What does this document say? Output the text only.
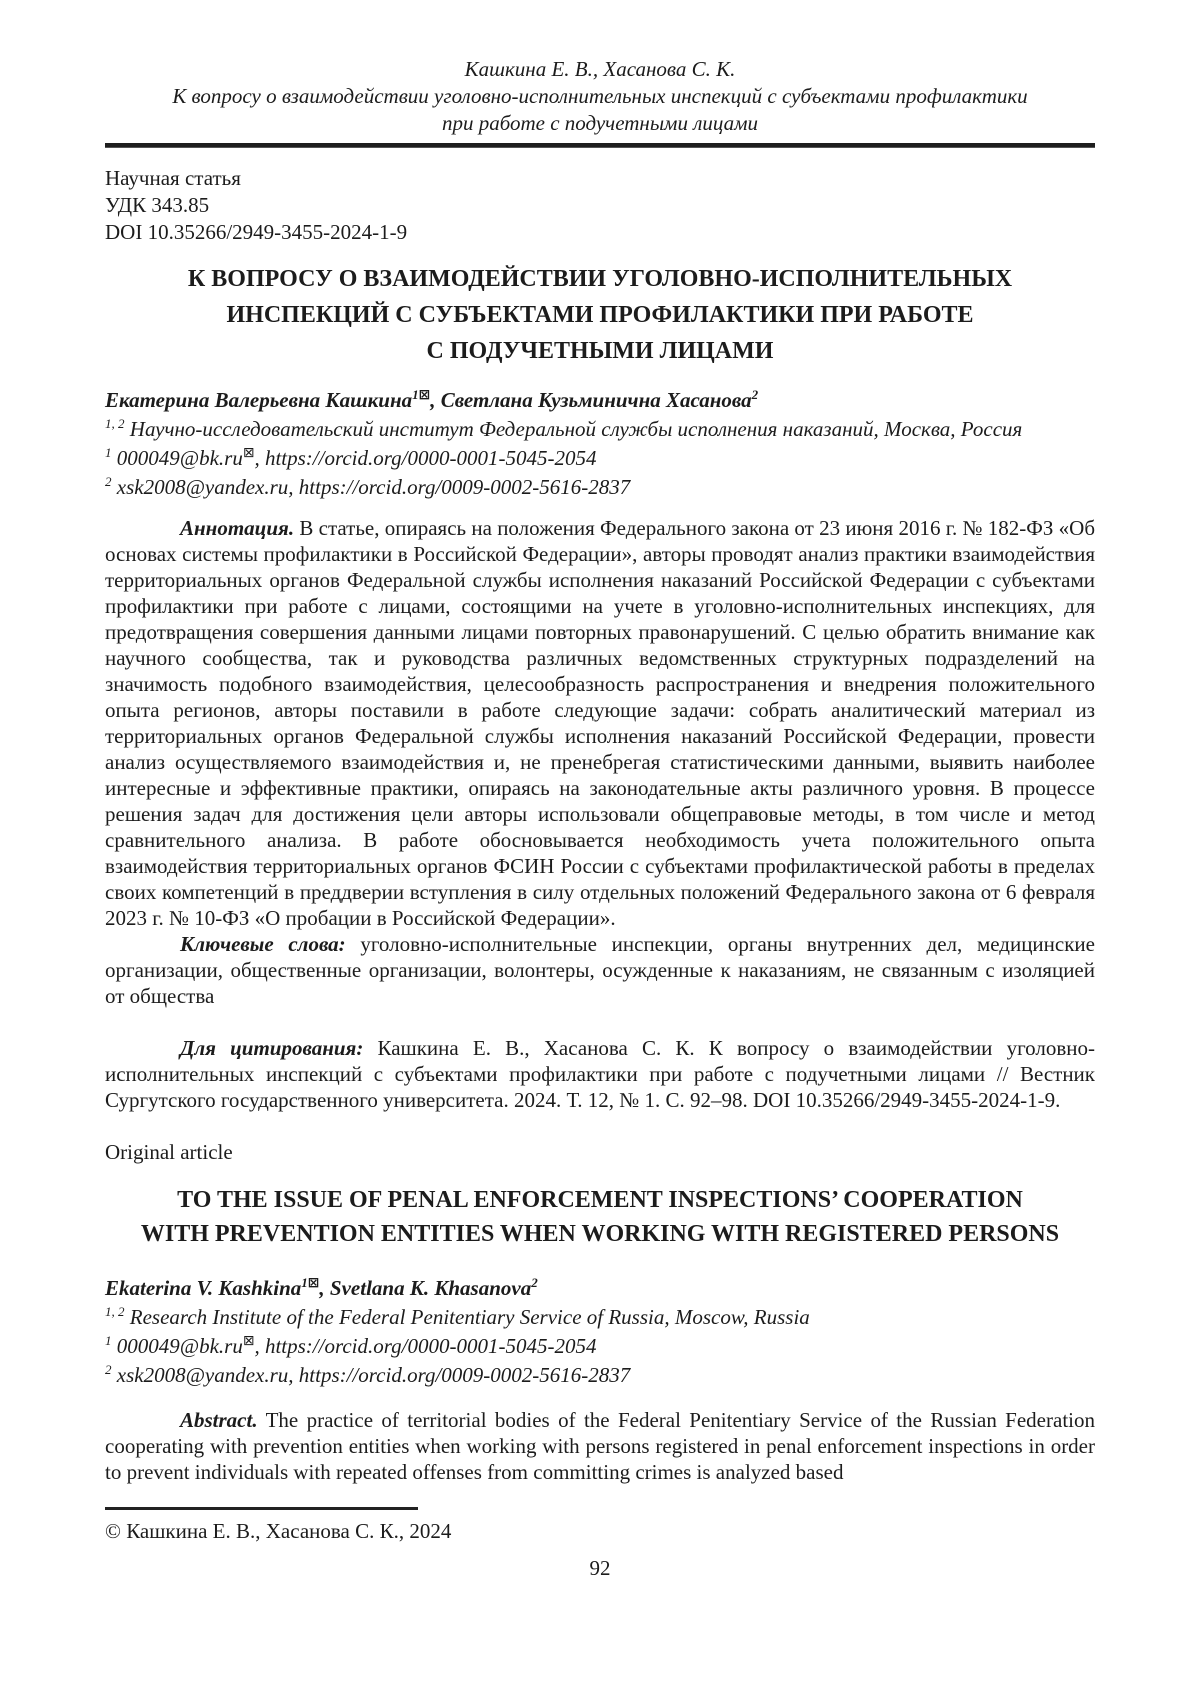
Кашкина Е. В., Хасанова С. К.
К вопросу о взаимодействии уголовно-исполнительных инспекций с субъектами профилактики
при работе с подучетными лицами
Научная статья
УДК 343.85
DOI 10.35266/2949-3455-2024-1-9
К ВОПРОСУ О ВЗАИМОДЕЙСТВИИ УГОЛОВНО-ИСПОЛНИТЕЛЬНЫХ
ИНСПЕКЦИЙ С СУБЪЕКТАМИ ПРОФИЛАКТИКИ ПРИ РАБОТЕ
С ПОДУЧЕТНЫМИ ЛИЦАМИ

Екатерина Валерьевна Кашкина$^{1⊠}$, Светлана Кузьминична Хасанова$^2$

$^{1, 2}$ Научно-исследовательский институт Федеральной службы исполнения наказаний, Москва, Россия

$^1$ 000049@bk.ru⊠, https://orcid.org/0000-0001-5045-2054

$^2$ xsk2008@yandex.ru, https://orcid.org/0009-0002-5616-2837

Аннотация. В статье, опираясь на положения Федерального закона от 23 июня 2016 г. № 182-ФЗ «Об основах системы профилактики в Российской Федерации», авторы проводят анализ практики взаимодействия территориальных органов Федеральной службы исполнения наказаний Российской Федерации с субъектами профилактики при работе с лицами, состоящими на учете в уголовно-исполнительных инспекциях, для предотвращения совершения данными лицами повторных правонарушений. С целью обратить внимание как научного сообщества, так и руководства различных ведомственных структурных подразделений на значимость подобного взаимодействия, целесообразность распространения и внедрения положительного опыта регионов, авторы поставили в работе следующие задачи: собрать аналитический материал из территориальных органов Федеральной службы исполнения наказаний Российской Федерации, провести анализ осуществляемого взаимодействия и, не пренебрегая статистическими данными, выявить наиболее интересные и эффективные практики, опираясь на законодательные акты различного уровня. В процессе решения задач для достижения цели авторы использовали общеправовые методы, в том числе и метод сравнительного анализа. В работе обосновывается необходимость учета положительного опыта взаимодействия территориальных органов ФСИН России с субъектами профилактической работы в пределах своих компетенций в преддверии вступления в силу отдельных положений Федерального закона от 6 февраля 2023 г. № 10-ФЗ «О пробации в Российской Федерации».

Ключевые слова: уголовно-исполнительные инспекции, органы внутренних дел, медицинские организации, общественные организации, волонтеры, осужденные к наказаниям, не связанным с изоляцией от общества

Для цитирования: Кашкина Е. В., Хасанова С. К. К вопросу о взаимодействии уголовно-исполнительных инспекций с субъектами профилактики при работе с подучетными лицами // Вестник Сургутского государственного университета. 2024. Т. 12, № 1. С. 92–98. DOI 10.35266/2949-3455-2024-1-9.

Original article
TO THE ISSUE OF PENAL ENFORCEMENT INSPECTIONS’ COOPERATION
WITH PREVENTION ENTITIES WHEN WORKING WITH REGISTERED PERSONS

Ekaterina V. Kashkina$^{1⊠}$, Svetlana K. Khasanova$^2$

$^{1, 2}$ Research Institute of the Federal Penitentiary Service of Russia, Moscow, Russia

$^1$ 000049@bk.ru⊠, https://orcid.org/0000-0001-5045-2054

$^2$ xsk2008@yandex.ru, https://orcid.org/0009-0002-5616-2837

Abstract. The practice of territorial bodies of the Federal Penitentiary Service of the Russian Federation cooperating with prevention entities when working with persons registered in penal enforcement inspections in order to prevent individuals with repeated offenses from committing crimes is analyzed based

© Кашкина Е. В., Хасанова С. К., 2024

92
